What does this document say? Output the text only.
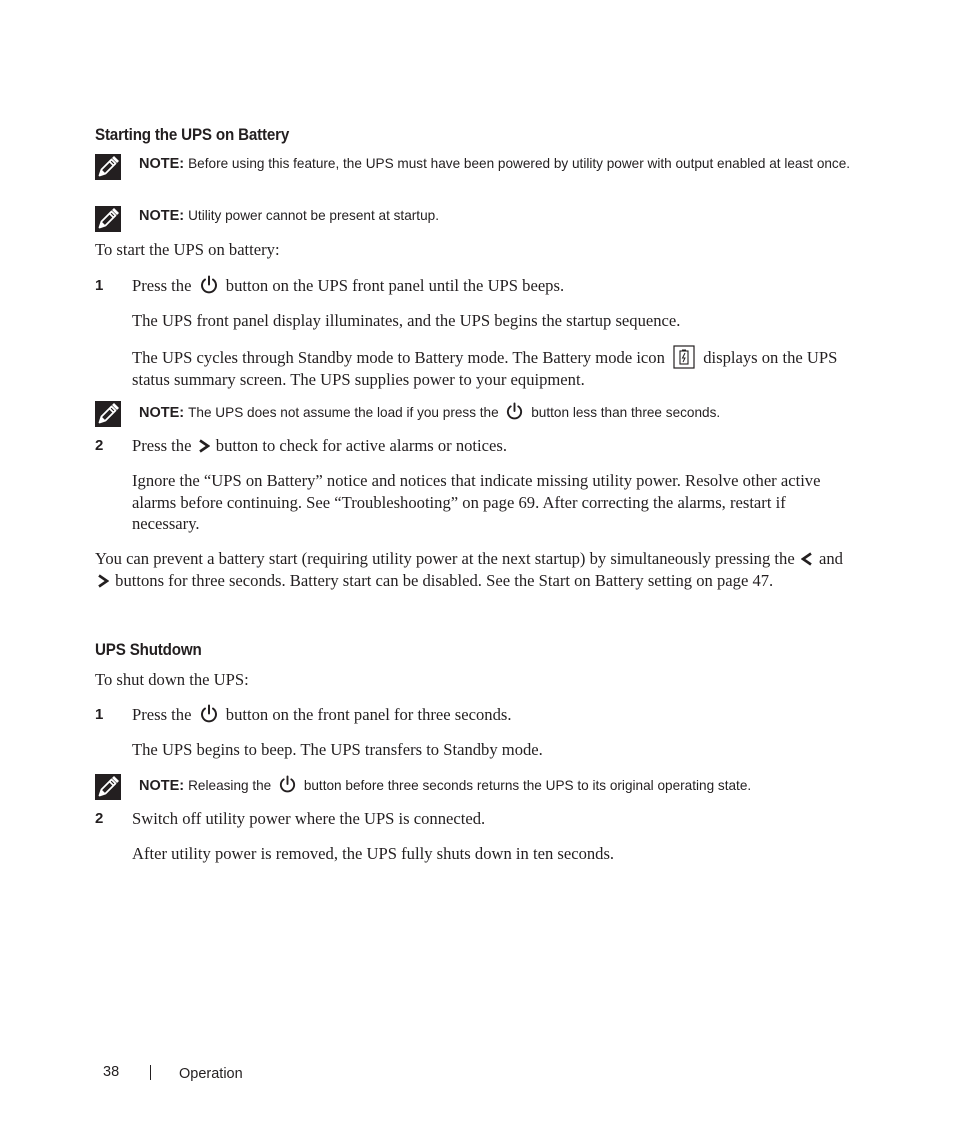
Starting the UPS on Battery
NOTE: Before using this feature, the UPS must have been powered by utility power with output enabled at least once.
NOTE: Utility power cannot be present at startup.
To start the UPS on battery:
1 Press the button on the UPS front panel until the UPS beeps.
The UPS front panel display illuminates, and the UPS begins the startup sequence.
The UPS cycles through Standby mode to Battery mode. The Battery mode icon displays on the UPS status summary screen. The UPS supplies power to your equipment.
NOTE: The UPS does not assume the load if you press the button less than three seconds.
2 Press the button to check for active alarms or notices.
Ignore the “UPS on Battery” notice and notices that indicate missing utility power. Resolve other active alarms before continuing. See “Troubleshooting” on page 69. After correcting the alarms, restart if necessary.
You can prevent a battery start (requiring utility power at the next startup) by simultaneously pressing the and  buttons for three seconds. Battery start can be disabled. See the Start on Battery setting on page 47.
UPS Shutdown
To shut down the UPS:
1 Press the button on the front panel for three seconds.
The UPS begins to beep. The UPS transfers to Standby mode.
NOTE: Releasing the button before three seconds returns the UPS to its original operating state.
2 Switch off utility power where the UPS is connected.
After utility power is removed, the UPS fully shuts down in ten seconds.
38	Operation
